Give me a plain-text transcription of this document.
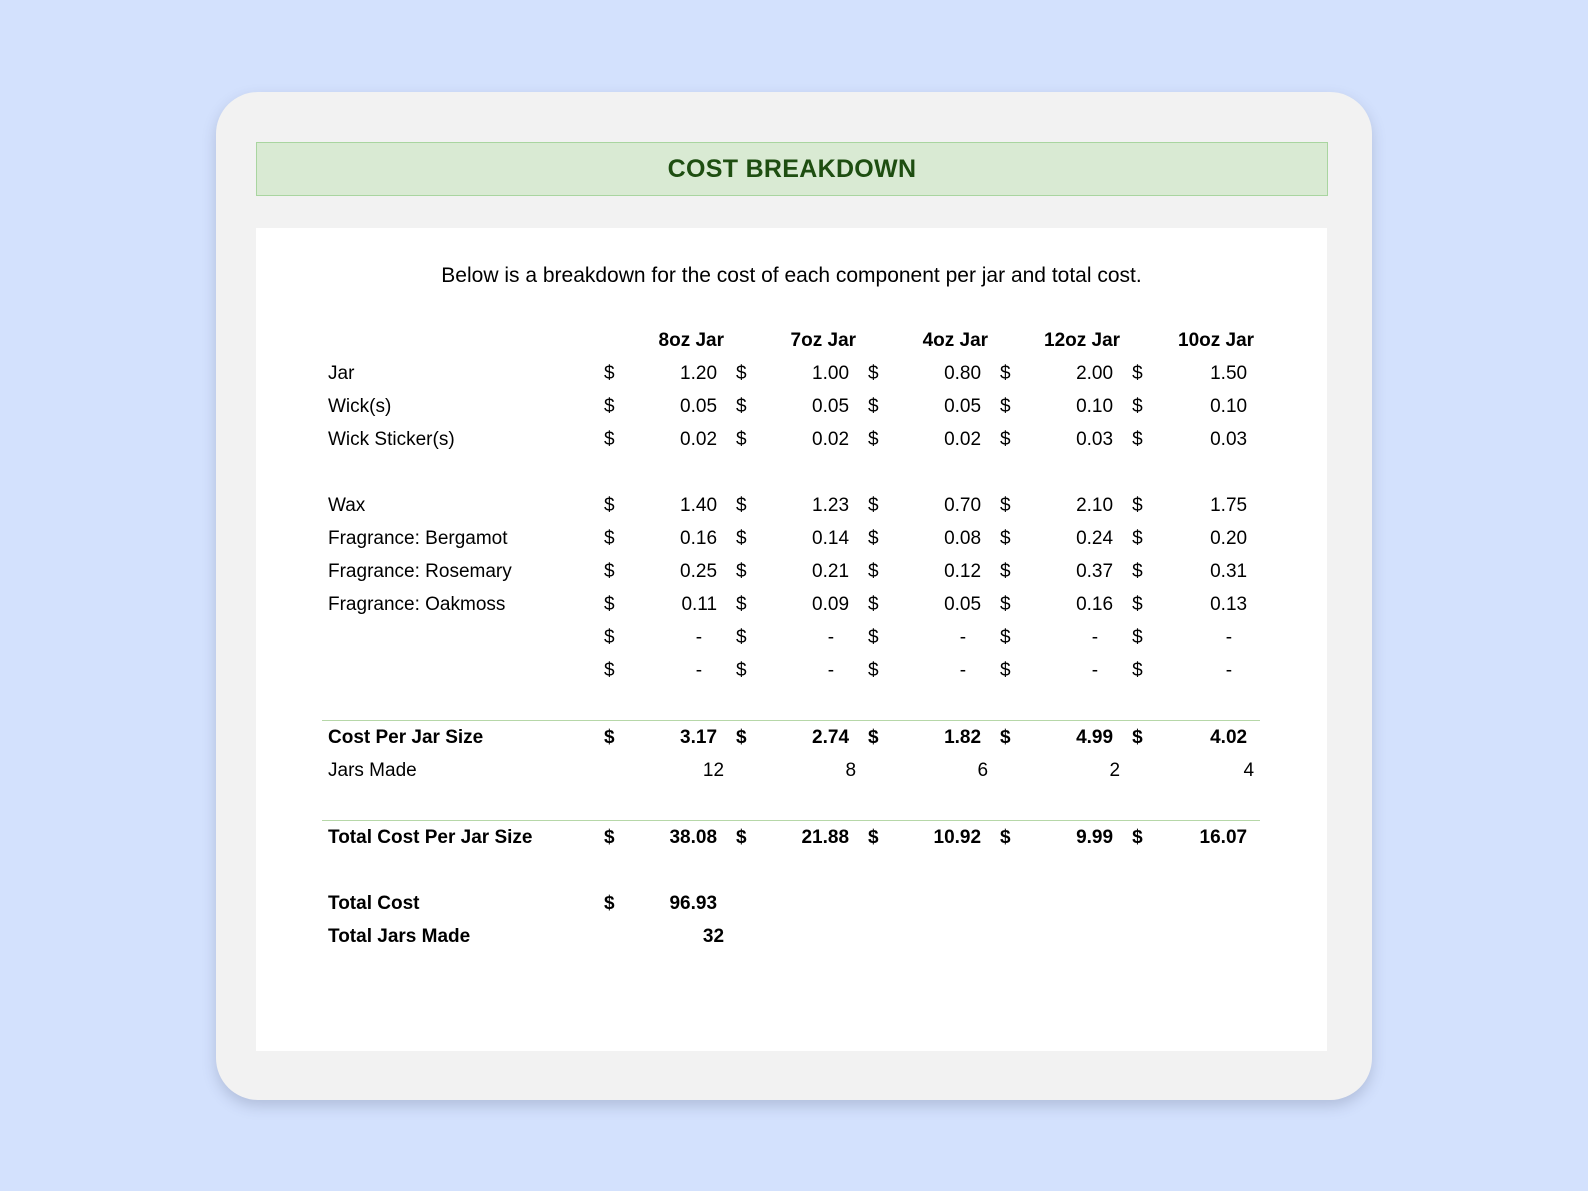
COST BREAKDOWN
Below is a breakdown for the cost of each component per jar and total cost.
	8oz Jar		7oz Jar		4oz Jar		12oz Jar		10oz Jar	
Jar	$	1.20	$	1.00	$	0.80	$	2.00	$	1.50
Wick(s)	$	0.05	$	0.05	$	0.05	$	0.10	$	0.10
Wick Sticker(s)	$	0.02	$	0.02	$	0.02	$	0.03	$	0.03

Wax	$	1.40	$	1.23	$	0.70	$	2.10	$	1.75
Fragrance: Bergamot	$	0.16	$	0.14	$	0.08	$	0.24	$	0.20
Fragrance: Rosemary	$	0.25	$	0.21	$	0.12	$	0.37	$	0.31
Fragrance: Oakmoss	$	0.11	$	0.09	$	0.05	$	0.16	$	0.13
	$	-	$	-	$	-	$	-	$	-
	$	-	$	-	$	-	$	-	$	-

Cost Per Jar Size	$	3.17	$	2.74	$	1.82	$	4.99	$	4.02
Jars Made	12		8		6		2		4	

Total Cost Per Jar Size	$	38.08	$	21.88	$	10.92	$	9.99	$	16.07

Total Cost	$	96.93								
Total Jars Made	32									
